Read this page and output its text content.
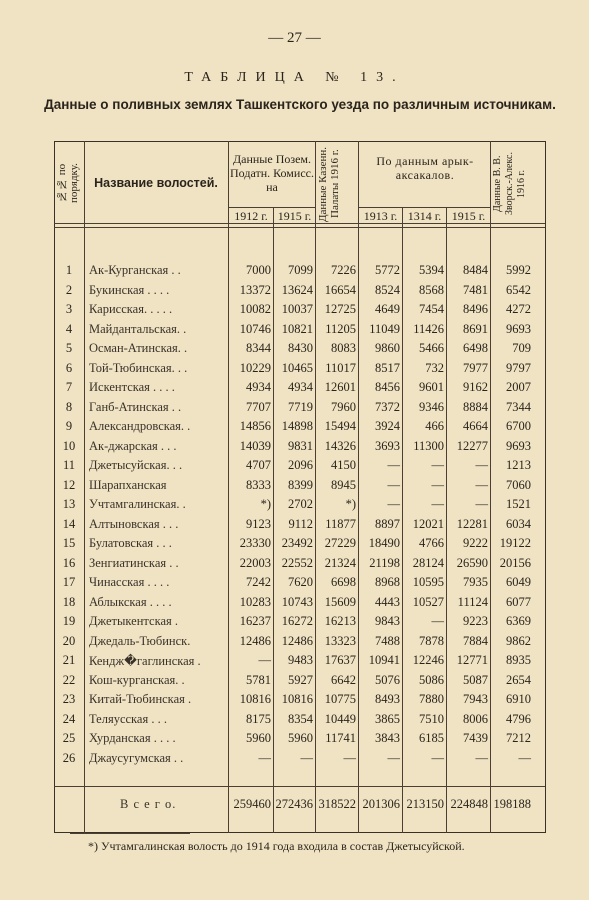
— 27 —
ТАБЛИЦА № 13.
Данные о поливных землях Ташкентского уезда по различным источникам.
№№ по порядку.	Название волостей.
Данные Позем. Податн. Комисс. на	Данные Казенн. Палаты 1916 г.	По данным арык-аксакалов.	Данные В. В. Зворск.-Алекс. 1916 г.
1912 г. 1915 г.	1913 г. 1314 г. 1915 г.
1	Ак-Курганская . .	7000	7099	7226	5772	5394	8484	5992
2	Букинская . . . .	13372 13624 16654	8524	8568	7481	6542
3	Карисская. . . . .	10082 10037 12725	4649	7454	8496	4272
4	Майдантальская. .	10746 10821 11205	11049	11426	8691	9693
5	Осман-Атинская. .	8344	8430	8083	9860	5466	6498	709
6	Той-Тюбинская. . .	10229 10465 11017	8517	732	7977	9797
7	Искентская . . . .	4934	4934 12601	8456	9601	9162	2007
8	Ганб-Атинская . .	7707	7719	7960	7372	9346	8884	7344
9	Александровская. .	14856 14898 15494	3924	466	4664	6700
10	Ак-джарская . . .	14039	9831 14326	3693	11300	12277	9693
11	Джетысуйская. . .	4707	2096	4150	—	—	—	1213
12	Шарапханская	8333	8399	8945	—	—	—	7060
13	Учтамгалинская. .	*)	2702	*)	—	—	—	1521
14	Алтыновская . . .	9123	9112 11877	8897	12021	12281	6034
15	Булатовская . . .	23330 23492 27229	18490	4766	9222 19122
16	Зенгиатинская . .	22003 22552 21324	21198	28124	26590 20156
17	Чинасская . . . .	7242	7620	6698	8968	10595	7935	6049
18	Аблыкская . . . .	10283 10743 15609	4443	10527	11124	6077
19	Джетыкентская .	16237 16272 16213	9843	—	9223	6369
20	Джедаль-Тюбинск.	12486 12486 13323	7488	7878	7884	9862
21	Кендж�гаглинская .	—	9483 17637	10941	12246	12771	8935
22	Кош-курганская. .	5781	5927	6642	5076	5086	5087	2654
23	Китай-Тюбинская .	10816 10816 10775	8493	7880	7943	6910
24	Теляусская . . .	8175	8354 10449	3865	7510	8006	4796
25	Хурданская . . . .	5960	5960 11741	3843	6185	7439	7212
26	Джаусугумская . .	—	—	—	—	—	—	—
В с е г о.	259460 272436 318522 201306 213150 224848 198188
*) Учтамгалинская волость до 1914 года входила в состав Джетысуйской.
